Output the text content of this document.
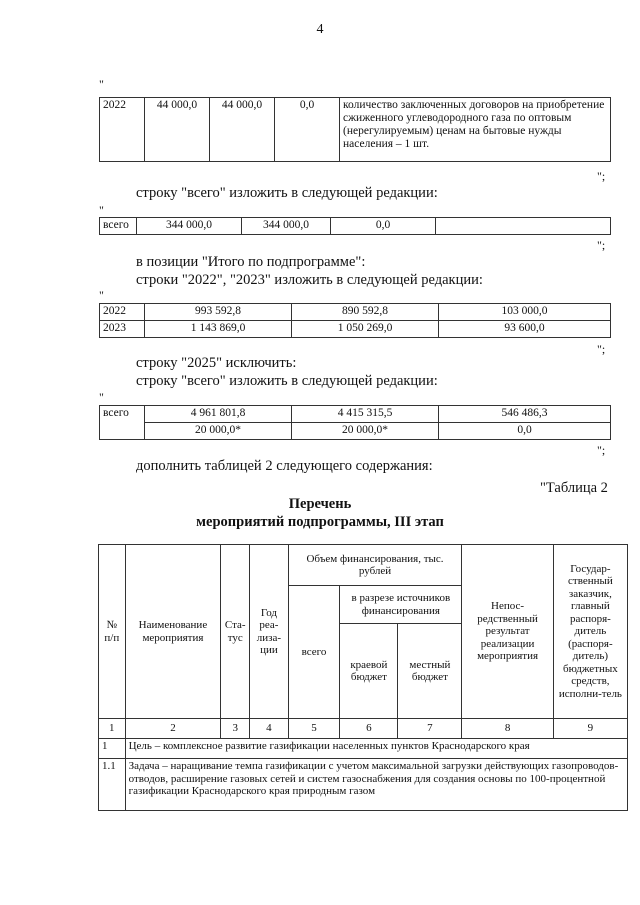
4
"
2022	44 000,0	44 000,0	0,0	количество заключенных договоров на приобретение сжиженного углеводородного газа по оптовым (нерегулируемым) ценам на бытовые нужды населения – 1 шт.
";
строку "всего" изложить в следующей редакции:
"
всего	344 000,0	344 000,0	0,0	
";
в позиции "Итого по подпрограмме":
строки "2022", "2023" изложить в следующей редакции:
"
2022	993 592,8	890 592,8	103 000,0
2023	1 143 869,0	1 050 269,0	93 600,0
";
строку "2025" исключить:
строку "всего" изложить в следующей редакции:
"
всего	4 961 801,8	4 415 315,5	546 486,3
	20 000,0*	20 000,0*	0,0
";
дополнить таблицей 2 следующего содержания:
"Таблица 2
Перечень
мероприятий подпрограммы, III этап
№ п/п	Наименование мероприятия	Ста-тус	Год реа-лиза-ции	Объем финансирования, тыс. рублей			Непос-редственный результат реализации мероприятия	Государ-ственный заказчик, главный распоря-дитель (распоря-дитель) бюджетных средств, исполни-тель
				всего	в разрезе источников финансирования			
					краевой бюджет	местный бюджет		
1	2	3	4	5	6	7	8	9
1	Цель – комплексное развитие газификации населенных пунктов Краснодарского края							
1.1	Задача – наращивание темпа газификации с учетом максимальной загрузки действующих газопроводов-отводов, расширение газовых сетей и систем газоснабжения для создания основы по 100-процентной газификации Краснодарского края природным газом							
